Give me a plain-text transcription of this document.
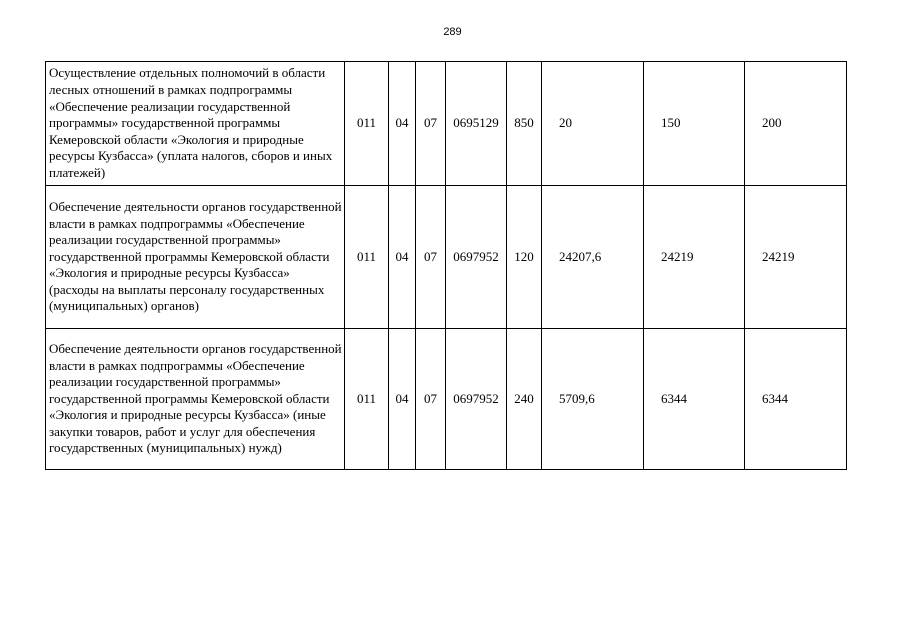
289
Осуществление отдельных полномочий в области лесных отношений в рамках подпрограммы «Обеспечение реализации государственной программы» государственной программы Кемеровской области «Экология и природные ресурсы Кузбасса» (уплата налогов, сборов и иных платежей)	011	04	07	0695129	850	20	150	200
Обеспечение деятельности органов государственной власти в рамках подпрограммы «Обеспечение реализации государственной программы» государственной программы Кемеровской области «Экология и природные ресурсы Кузбасса» (расходы на выплаты персоналу государственных (муниципальных) органов)	011	04	07	0697952	120	24207,6	24219	24219
Обеспечение деятельности органов государственной власти в рамках подпрограммы «Обеспечение реализации государственной программы» государственной программы Кемеровской области «Экология и природные ресурсы Кузбасса» (иные закупки товаров, работ и услуг для обеспечения государственных (муниципальных) нужд)	011	04	07	0697952	240	5709,6	6344	6344
